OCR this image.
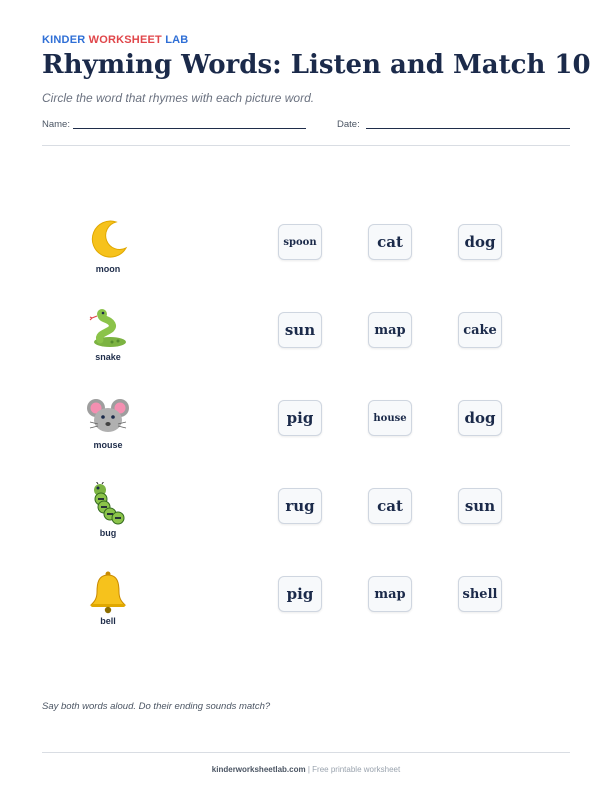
KINDER WORKSHEET LAB
Rhyming Words: Listen and Match 10
Circle the word that rhymes with each picture word.
Name:	Date:
moon
spoon	cat	dog
snake
sun	map	cake
mouse
pig	house	dog
bug
rug	cat	sun
bell
pig	map	shell
Say both words aloud. Do their ending sounds match?
kinderworksheetlab.com | Free printable worksheet
